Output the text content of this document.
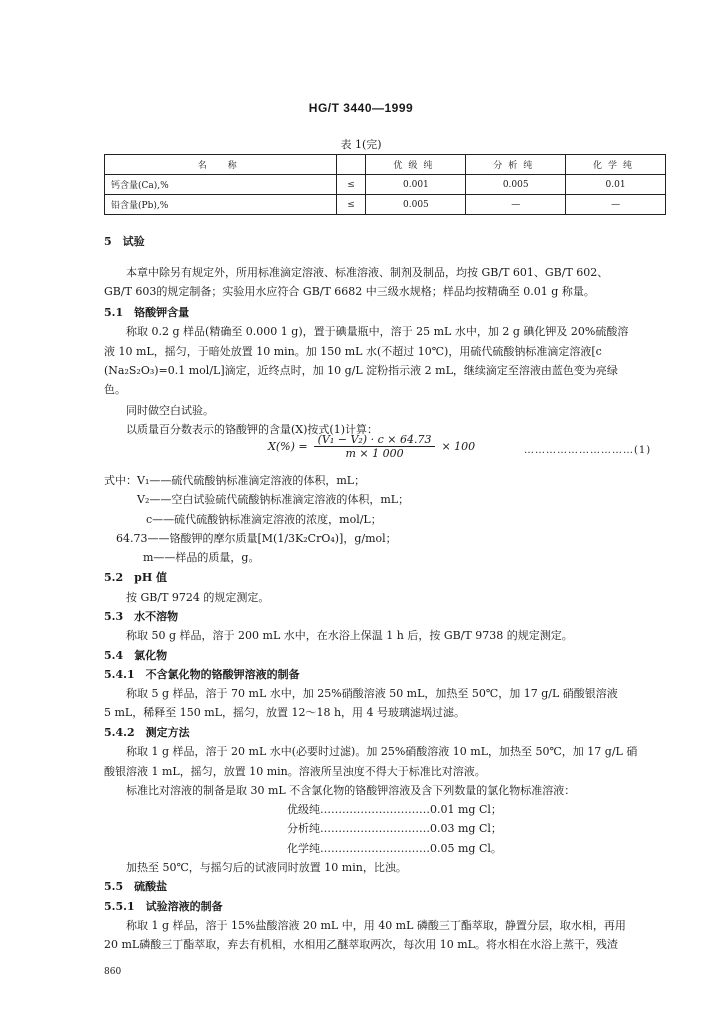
HG/T 3440—1999
表 1(完)
名　称		优级纯	分析纯	化学纯
钙含量(Ca),%	≤	0.001	0.005	0.01
铅含量(Pb),%	≤	0.005	—	—
5　试验
　　本章中除另有规定外，所用标准滴定溶液、标准溶液、制剂及制品，均按 GB/T 601、GB/T 602、
GB/T 603的规定制备；实验用水应符合 GB/T 6682 中三级水规格；样品均按精确至 0.01 g 称量。
5.1　铬酸钾含量
　　称取 0.2 g 样品(精确至 0.000 1 g)，置于碘量瓶中，溶于 25 mL 水中，加 2 g 碘化钾及 20%硫酸溶
液 10 mL，摇匀，于暗处放置 10 min。加 150 mL 水(不超过 10℃)，用硫代硫酸钠标准滴定溶液[c
(Na₂S₂O₃)=0.1 mol/L]滴定，近终点时，加 10 g/L 淀粉指示液 2 mL，继续滴定至溶液由蓝色变为亮绿
色。
　　同时做空白试验。
　　以质量百分数表示的铬酸钾的含量(X)按式(1)计算：
$X(\%) = \frac{\text{(V₁ − V₂) · c × 64.73}}{m \times 1 000} \times 100$	…………………………(1)
式中：V₁——硫代硫酸钠标准滴定溶液的体积，mL；
V₂——空白试验硫代硫酸钠标准滴定溶液的体积，mL；
c——硫代硫酸钠标准滴定溶液的浓度，mol/L；
64.73——铬酸钾的摩尔质量[M(1/3K₂CrO₄)]，g/mol；
m——样品的质量，g。
5.2　pH 值
　　按 GB/T 9724 的规定测定。
5.3　水不溶物
　　称取 50 g 样品，溶于 200 mL 水中，在水浴上保温 1 h 后，按 GB/T 9738 的规定测定。
5.4　氯化物
5.4.1　不含氯化物的铬酸钾溶液的制备
　　称取 5 g 样品，溶于 70 mL 水中，加 25%硝酸溶液 50 mL，加热至 50℃，加 17 g/L 硝酸银溶液
5 mL，稀释至 150 mL，摇匀，放置 12～18 h，用 4 号玻璃滤埚过滤。
5.4.2　测定方法
　　称取 1 g 样品，溶于 20 mL 水中(必要时过滤)。加 25%硝酸溶液 10 mL，加热至 50℃，加 17 g/L 硝
酸银溶液 1 mL，摇匀，放置 10 min。溶液所呈浊度不得大于标准比对溶液。
　　标准比对溶液的制备是取 30 mL 不含氯化物的铬酸钾溶液及含下列数量的氯化物标准溶液：
优级纯…………………………0.01 mg Cl；
分析纯…………………………0.03 mg Cl；
化学纯…………………………0.05 mg Cl。
　　加热至 50℃，与摇匀后的试液同时放置 10 min，比浊。
5.5　硫酸盐
5.5.1　试验溶液的制备
　　称取 1 g 样品，溶于 15%盐酸溶液 20 mL 中，用 40 mL 磷酸三丁酯萃取，静置分层，取水相，再用
20 mL磷酸三丁酯萃取，弃去有机相，水相用乙醚萃取两次，每次用 10 mL。将水相在水浴上蒸干，残渣
860
